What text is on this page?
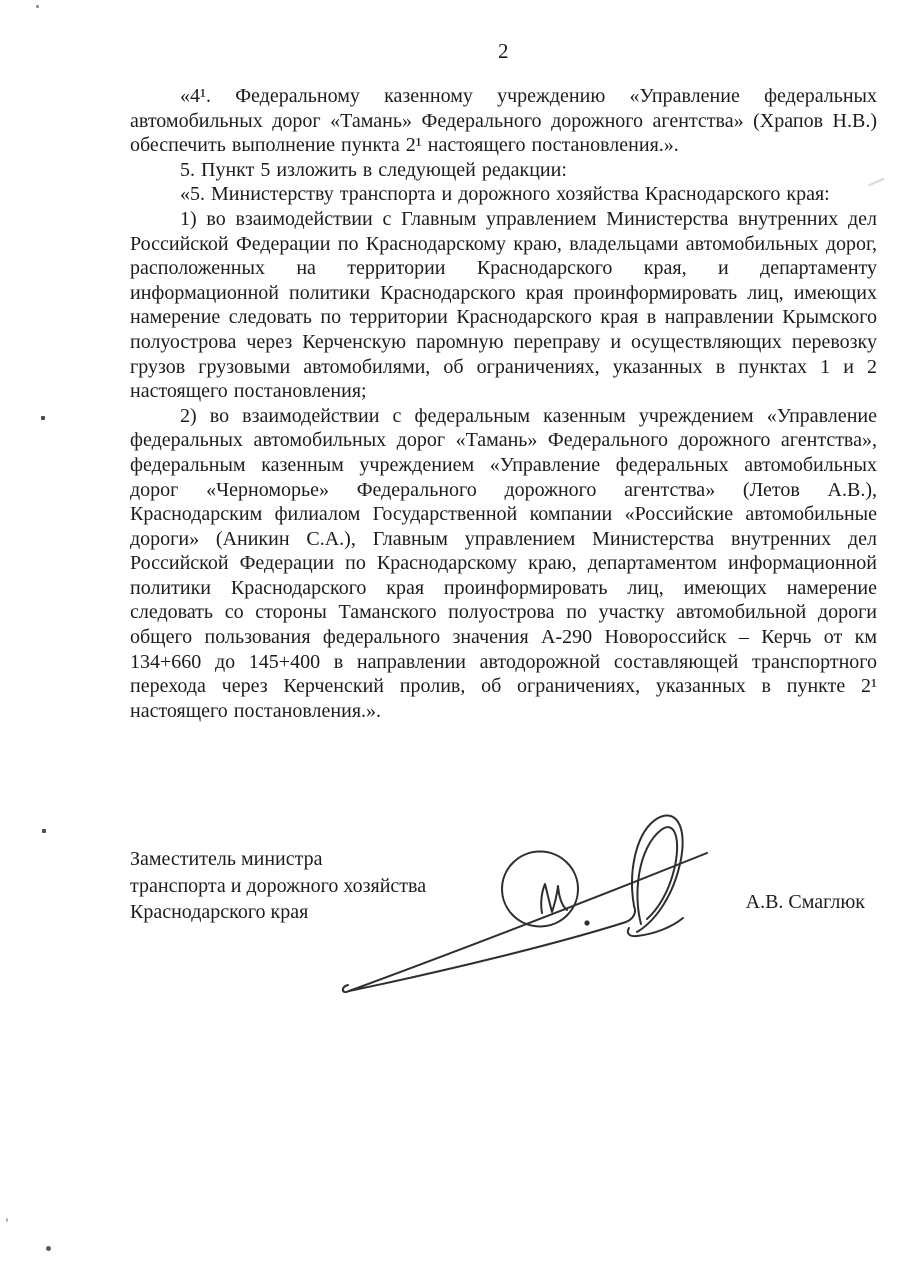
2

«4¹. Федеральному казенному учреждению «Управление федеральных автомобильных дорог «Тамань» Федерального дорожного агентства» (Храпов Н.В.) обеспечить выполнение пункта 2¹ настоящего постановления.».

5. Пункт 5 изложить в следующей редакции:

«5. Министерству транспорта и дорожного хозяйства Краснодарского края:

1) во взаимодействии с Главным управлением Министерства внутренних дел Российской Федерации по Краснодарскому краю, владельцами автомобильных дорог, расположенных на территории Краснодарского края, и департаменту информационной политики Краснодарского края проинформировать лиц, имеющих намерение следовать по территории Краснодарского края в направлении Крымского полуострова через Керченскую паромную переправу и осуществляющих перевозку грузов грузовыми автомобилями, об ограничениях, указанных в пунктах 1 и 2 настоящего постановления;

2) во взаимодействии с федеральным казенным учреждением «Управление федеральных автомобильных дорог «Тамань» Федерального дорожного агентства», федеральным казенным учреждением «Управление федеральных автомобильных дорог «Черноморье» Федерального дорожного агентства» (Летов А.В.), Краснодарским филиалом Государственной компании «Российские автомобильные дороги» (Аникин С.А.), Главным управлением Министерства внутренних дел Российской Федерации по Краснодарскому краю, департаментом информационной политики Краснодарского края проинформировать лиц, имеющих намерение следовать со стороны Таманского полуострова по участку автомобильной дороги общего пользования федерального значения А-290 Новороссийск – Керчь от км 134+660 до 145+400 в направлении автодорожной составляющей транспортного перехода через Керченский пролив, об ограничениях, указанных в пункте 2¹ настоящего постановления.».

Заместитель министра
транспорта и дорожного хозяйства
Краснодарского края	А.В. Смаглюк
